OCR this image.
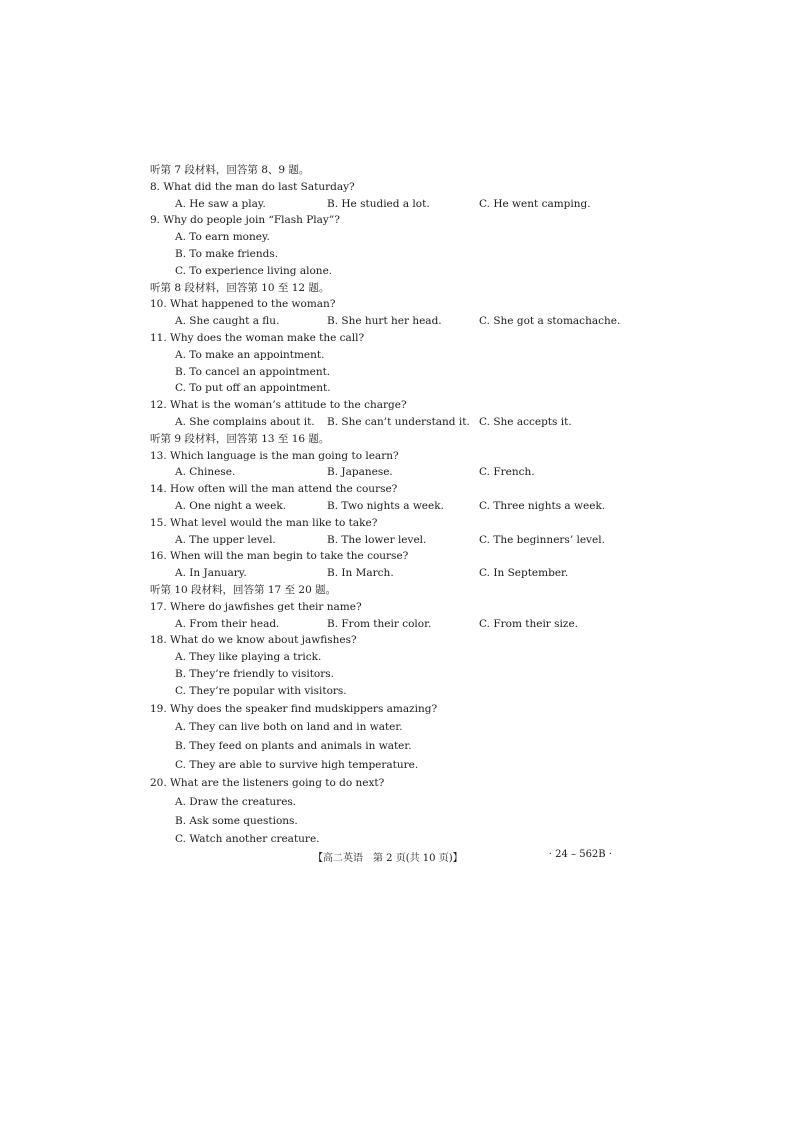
听第 7 段材料，回答第 8、9 题。
8. What did the man do last Saturday?
A. He saw a play.	B. He studied a lot.	C. He went camping.
9. Why do people join “Flash Play”?
A. To earn money.
B. To make friends.
C. To experience living alone.
听第 8 段材料，回答第 10 至 12 题。
10. What happened to the woman?
A. She caught a flu.	B. She hurt her head.	C. She got a stomachache.
11. Why does the woman make the call?
A. To make an appointment.
B. To cancel an appointment.
C. To put off an appointment.
12. What is the woman’s attitude to the charge?
A. She complains about it. B. She can’t understand it. C. She accepts it.
听第 9 段材料，回答第 13 至 16 题。
13. Which language is the man going to learn?
A. Chinese.	B. Japanese.	C. French.
14. How often will the man attend the course?
A. One night a week.	B. Two nights a week.	C. Three nights a week.
15. What level would the man like to take?
A. The upper level.	B. The lower level.	C. The beginners’ level.
16. When will the man begin to take the course?
A. In January.	B. In March.	C. In September.
听第 10 段材料，回答第 17 至 20 题。
17. Where do jawfishes get their name?
A. From their head.	B. From their color.	C. From their size.
18. What do we know about jawfishes?
A. They like playing a trick.
B. They’re friendly to visitors.
C. They’re popular with visitors.
19. Why does the speaker find mudskippers amazing?
A. They can live both on land and in water.
B. They feed on plants and animals in water.
C. They are able to survive high temperature.
20. What are the listeners going to do next?
A. Draw the creatures.
B. Ask some questions.
C. Watch another creature.
【高二英语　第 2 页(共 10 页)】	· 24 – 562B ·
